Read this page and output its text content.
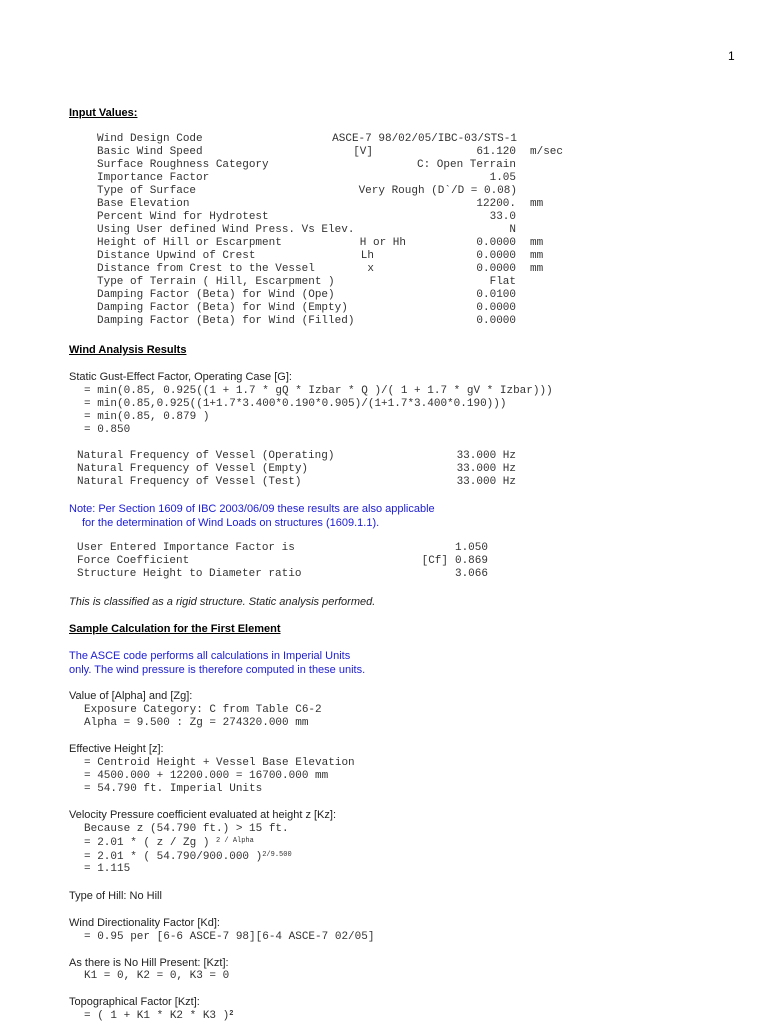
1
Input Values:
Wind Design Code	ASCE-7 98/02/05/IBC-03/STS-1
Basic Wind Speed	[V]	61.120 m/sec
Surface Roughness Category	C: Open Terrain
Importance Factor	1.05
Type of Surface	Very Rough (D`/D = 0.08)
Base Elevation	12200. mm
Percent Wind for Hydrotest	33.0
Using User defined Wind Press. Vs Elev.	N
Height of Hill or Escarpment	H or Hh	0.0000 mm
Distance Upwind of Crest	Lh	0.0000 mm
Distance from Crest to the Vessel	x	0.0000 mm
Type of Terrain ( Hill, Escarpment )	Flat
Damping Factor (Beta) for Wind (Ope)	0.0100
Damping Factor (Beta) for Wind (Empty)	0.0000
Damping Factor (Beta) for Wind (Filled)	0.0000
Wind Analysis Results
Static Gust-Effect Factor, Operating Case [G]:
= min(0.85, 0.925((1 + 1.7 * gQ * Izbar * Q )/( 1 + 1.7 * gV * Izbar)))
= min(0.85,0.925((1+1.7*3.400*0.190*0.905)/(1+1.7*3.400*0.190)))
= min(0.85, 0.879 )
= 0.850
Natural Frequency of Vessel (Operating)	33.000 Hz
Natural Frequency of Vessel (Empty)	33.000 Hz
Natural Frequency of Vessel (Test)	33.000 Hz
Note: Per Section 1609 of IBC 2003/06/09 these results are also applicable
for the determination of Wind Loads on structures (1609.1.1).
User Entered Importance Factor is	1.050
Force Coefficient	[Cf] 0.869
Structure Height to Diameter ratio	3.066
This is classified as a rigid structure. Static analysis performed.
Sample Calculation for the First Element
The ASCE code performs all calculations in Imperial Units
only. The wind pressure is therefore computed in these units.
Value of [Alpha] and [Zg]:
Exposure Category: C from Table C6-2
Alpha = 9.500 : Zg = 274320.000 mm
Effective Height [z]:
= Centroid Height + Vessel Base Elevation
= 4500.000 + 12200.000 = 16700.000 mm
= 54.790 ft. Imperial Units
Velocity Pressure coefficient evaluated at height z [Kz]:
Because z (54.790 ft.) > 15 ft.
= 2.01 * ( z / Zg ) $^{2 / Alpha}$
= 2.01 * ( 54.790/900.000 )$^{2/9.500}$
= 1.115
Type of Hill: No Hill
Wind Directionality Factor [Kd]:
= 0.95 per [6-6 ASCE-7 98][6-4 ASCE-7 02/05]
As there is No Hill Present: [Kzt]:
K1 = 0, K2 = 0, K3 = 0
Topographical Factor [Kzt]:
= ( 1 + K1 * K2 * K3 )$^2$
